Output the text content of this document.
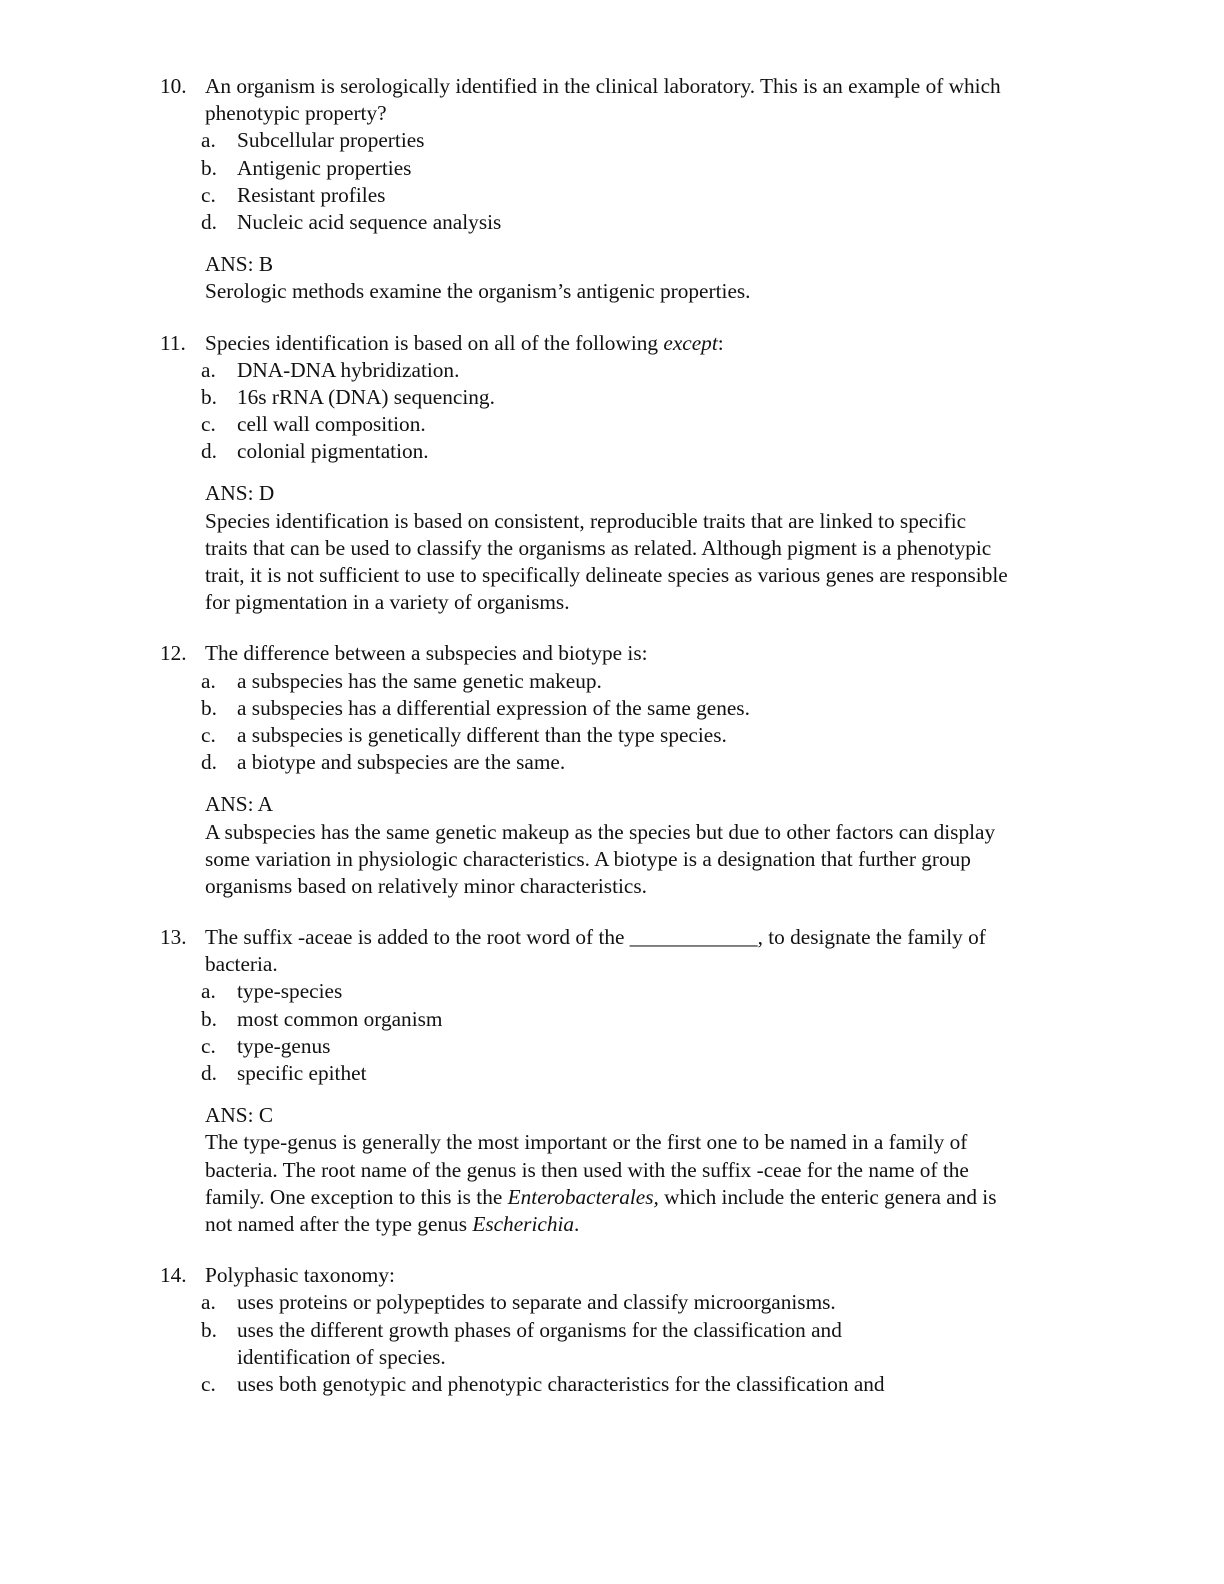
10. An organism is serologically identified in the clinical laboratory. This is an example of which
phenotypic property?
a. Subcellular properties
b. Antigenic properties
c. Resistant profiles
d. Nucleic acid sequence analysis
ANS: B
Serologic methods examine the organism’s antigenic properties.
11. Species identification is based on all of the following except:
a. DNA-DNA hybridization.
b. 16s rRNA (DNA) sequencing.
c. cell wall composition.
d. colonial pigmentation.
ANS: D
Species identification is based on consistent, reproducible traits that are linked to specific
traits that can be used to classify the organisms as related. Although pigment is a phenotypic
trait, it is not sufficient to use to specifically delineate species as various genes are responsible
for pigmentation in a variety of organisms.
12. The difference between a subspecies and biotype is:
a. a subspecies has the same genetic makeup.
b. a subspecies has a differential expression of the same genes.
c. a subspecies is genetically different than the type species.
d. a biotype and subspecies are the same.
ANS: A
A subspecies has the same genetic makeup as the species but due to other factors can display
some variation in physiologic characteristics. A biotype is a designation that further group
organisms based on relatively minor characteristics.
13. The suffix -aceae is added to the root word of the ____________, to designate the family of
bacteria.
a. type-species
b. most common organism
c. type-genus
d. specific epithet
ANS: C
The type-genus is generally the most important or the first one to be named in a family of
bacteria. The root name of the genus is then used with the suffix -ceae for the name of the
family. One exception to this is the Enterobacterales, which include the enteric genera and is
not named after the type genus Escherichia.
14. Polyphasic taxonomy:
a. uses proteins or polypeptides to separate and classify microorganisms.
b. uses the different growth phases of organisms for the classification and
identification of species.
c. uses both genotypic and phenotypic characteristics for the classification and
